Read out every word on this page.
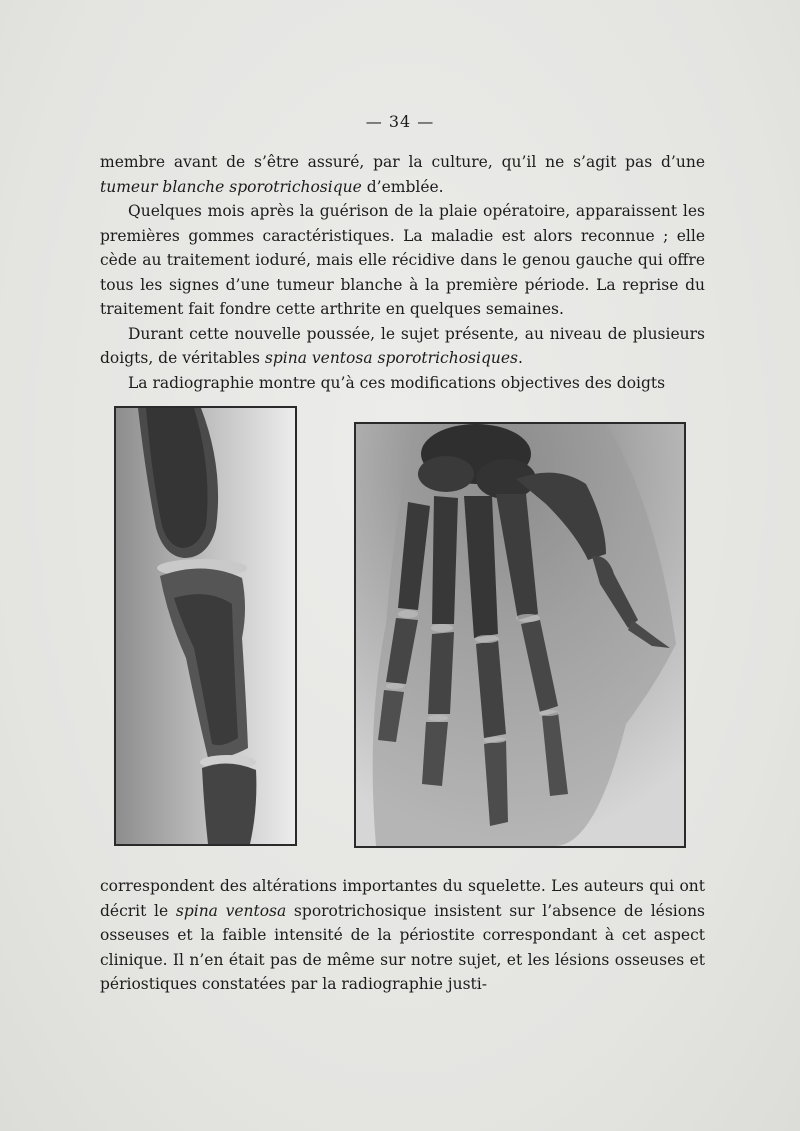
— 34 —

membre avant de s’être assuré, par la culture, qu’il ne s’agit pas d’une tumeur blanche sporotrichosique d’emblée.

Quelques mois après la guérison de la plaie opératoire, apparaissent les premières gommes caractéristiques. La maladie est alors reconnue ; elle cède au traitement ioduré, mais elle récidive dans le genou gauche qui offre tous les signes d’une tumeur blanche à la première période. La reprise du traitement fait fondre cette arthrite en quelques semaines.

Durant cette nouvelle poussée, le sujet présente, au niveau de plusieurs doigts, de véritables spina ventosa sporotrichosiques.

La radiographie montre qu’à ces modifications objectives des doigts

correspondent des altérations importantes du squelette. Les auteurs qui ont décrit le spina ventosa sporotrichosique insistent sur l’absence de lésions osseuses et la faible intensité de la périostite correspondant à cet aspect clinique. Il n’en était pas de même sur notre sujet, et les lésions osseuses et périostiques constatées par la radiographie justi-
